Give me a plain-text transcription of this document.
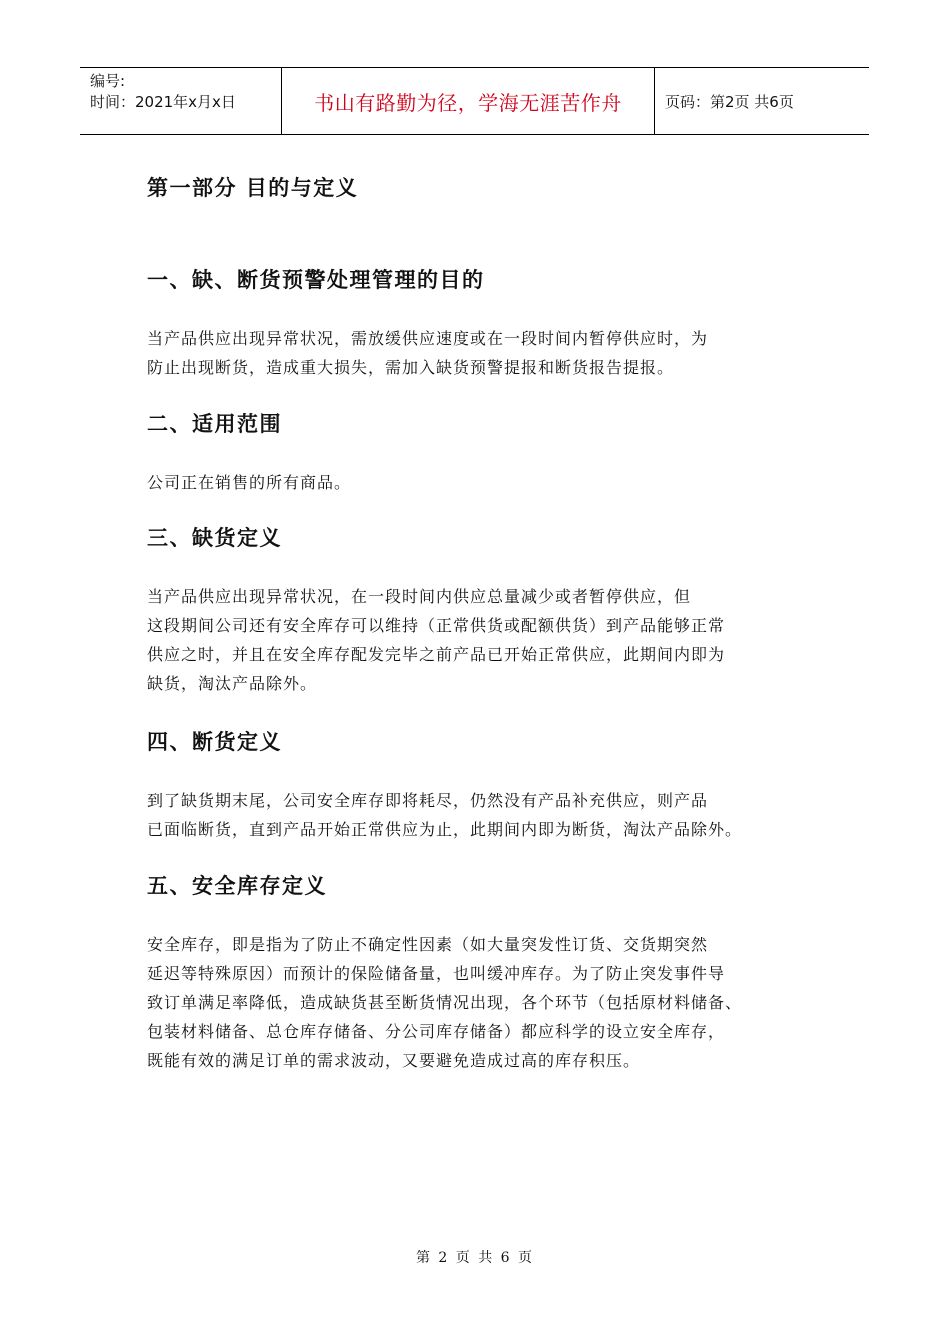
编号:
时间：2021年x月x日	书山有路勤为径，学海无涯苦作舟	页码：第2页 共6页
第一部分 目的与定义
一、缺、断货预警处理管理的目的
当产品供应出现异常状况，需放缓供应速度或在一段时间内暂停供应时，为
防止出现断货，造成重大损失，需加入缺货预警提报和断货报告提报。
二、适用范围
公司正在销售的所有商品。
三、缺货定义
当产品供应出现异常状况，在一段时间内供应总量减少或者暂停供应，但
这段期间公司还有安全库存可以维持（正常供货或配额供货）到产品能够正常
供应之时，并且在安全库存配发完毕之前产品已开始正常供应，此期间内即为
缺货，淘汰产品除外。
四、断货定义
到了缺货期末尾，公司安全库存即将耗尽，仍然没有产品补充供应，则产品
已面临断货，直到产品开始正常供应为止，此期间内即为断货，淘汰产品除外。
五、安全库存定义
安全库存，即是指为了防止不确定性因素（如大量突发性订货、交货期突然
延迟等特殊原因）而预计的保险储备量，也叫缓冲库存。为了防止突发事件导
致订单满足率降低，造成缺货甚至断货情况出现，各个环节（包括原材料储备、
包装材料储备、总仓库存储备、分公司库存储备）都应科学的设立安全库存，
既能有效的满足订单的需求波动，又要避免造成过高的库存积压。
第 2 页 共 6 页
